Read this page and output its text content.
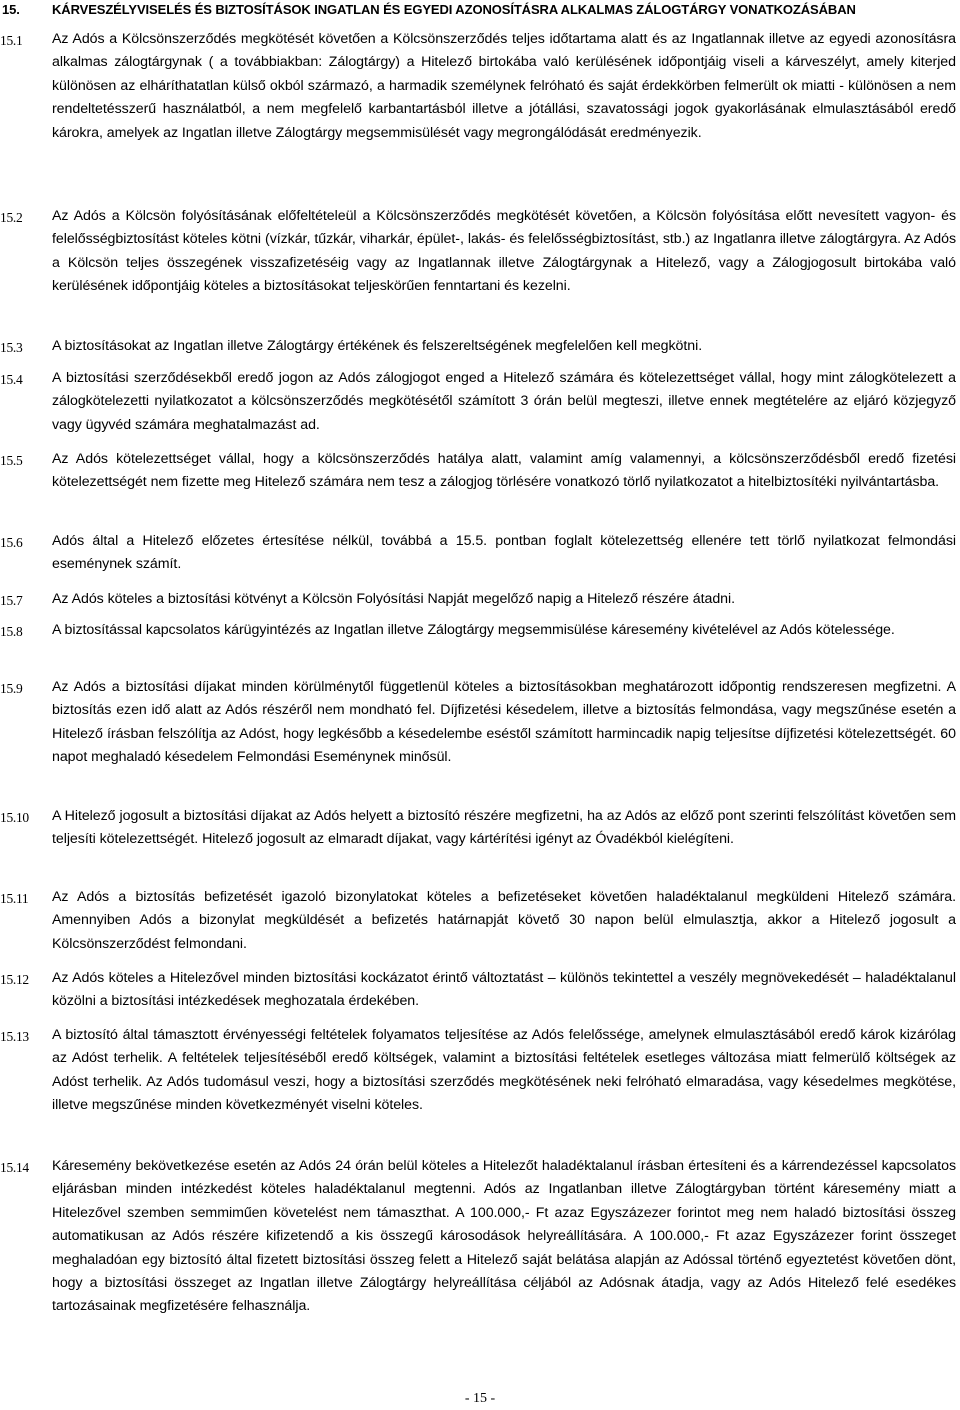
15. KÁRVESZÉLYVISELÉS ÉS BIZTOSÍTÁSOK INGATLAN ÉS EGYEDI AZONOSÍTÁSRA ALKALMAS ZÁLOGTÁRGY VONATKOZÁSÁBAN
15.1 Az Adós a Kölcsönszerződés megkötését követően a Kölcsönszerződés teljes időtartama alatt és az Ingatlannak illetve az egyedi azonosításra alkalmas zálogtárgynak ( a továbbiakban: Zálogtárgy) a Hitelező birtokába való kerülésének időpontjáig viseli a kárveszélyt, amely kiterjed különösen az elháríthatatlan külső okból származó, a harmadik személynek felróható és saját érdekkörben felmerült ok miatti - különösen a nem rendeltetésszerű használatból, a nem megfelelő karbantartásból illetve a jótállási, szavatossági jogok gyakorlásának elmulasztásából eredő károkra, amelyek az Ingatlan illetve Zálogtárgy megsemmisülését vagy megrongálódását eredményezik.
15.2 Az Adós a Kölcsön folyósításának előfeltételeül a Kölcsönszerződés megkötését követően, a Kölcsön folyósítása előtt nevesített vagyon- és felelősségbiztosítást köteles kötni (vízkár, tűzkár, viharkár, épület-, lakás- és felelősségbiztosítást, stb.) az Ingatlanra illetve zálogtárgyra. Az Adós a Kölcsön teljes összegének visszafizetéséig vagy az Ingatlannak illetve Zálogtárgynak a Hitelező, vagy a Zálogjogosult birtokába való kerülésének időpontjáig köteles a biztosításokat teljeskörűen fenntartani és kezelni.
15.3 A biztosításokat az Ingatlan illetve Zálogtárgy értékének és felszereltségének megfelelően kell megkötni.
15.4 A biztosítási szerződésekből eredő jogon az Adós zálogjogot enged a Hitelező számára és kötelezettséget vállal, hogy mint zálogkötelezett a zálogkötelezetti nyilatkozatot a kölcsönszerződés megkötésétől számított 3 órán belül megteszi, illetve ennek megtételére az eljáró közjegyző vagy ügyvéd számára meghatalmazást ad.
15.5 Az Adós kötelezettséget vállal, hogy a kölcsönszerződés hatálya alatt, valamint amíg valamennyi, a kölcsönszerződésből eredő fizetési kötelezettségét nem fizette meg Hitelező számára nem tesz a zálogjog törlésére vonatkozó törlő nyilatkozatot a hitelbiztosítéki nyilvántartásba.
15.6 Adós által a Hitelező előzetes értesítése nélkül, továbbá a 15.5. pontban foglalt kötelezettség ellenére tett törlő nyilatkozat felmondási eseménynek számít.
15.7 Az Adós köteles a biztosítási kötvényt a Kölcsön Folyósítási Napját megelőző napig a Hitelező részére átadni.
15.8 A biztosítással kapcsolatos kárügyintézés az Ingatlan illetve Zálogtárgy megsemmisülése káresemény kivételével az Adós kötelessége.
15.9 Az Adós a biztosítási díjakat minden körülménytől függetlenül köteles a biztosításokban meghatározott időpontig rendszeresen megfizetni. A biztosítás ezen idő alatt az Adós részéről nem mondható fel. Díjfizetési késedelem, illetve a biztosítás felmondása, vagy megszűnése esetén a Hitelező írásban felszólítja az Adóst, hogy legkésőbb a késedelembe eséstől számított harmincadik napig teljesítse díjfizetési kötelezettségét. 60 napot meghaladó késedelem Felmondási Eseménynek minősül.
15.10 A Hitelező jogosult a biztosítási díjakat az Adós helyett a biztosító részére megfizetni, ha az Adós az előző pont szerinti felszólítást követően sem teljesíti kötelezettségét. Hitelező jogosult az elmaradt díjakat, vagy kártérítési igényt az Óvadékból kielégíteni.
15.11 Az Adós a biztosítás befizetését igazoló bizonylatokat köteles a befizetéseket követően haladéktalanul megküldeni Hitelező számára. Amennyiben Adós a bizonylat megküldését a befizetés határnapját követő 30 napon belül elmulasztja, akkor a Hitelező jogosult a Kölcsönszerződést felmondani.
15.12 Az Adós köteles a Hitelezővel minden biztosítási kockázatot érintő változtatást – különös tekintettel a veszély megnövekedését – haladéktalanul közölni a biztosítási intézkedések meghozatala érdekében.
15.13 A biztosító által támasztott érvényességi feltételek folyamatos teljesítése az Adós felelőssége, amelynek elmulasztásából eredő károk kizárólag az Adóst terhelik. A feltételek teljesítéséből eredő költségek, valamint a biztosítási feltételek esetleges változása miatt felmerülő költségek az Adóst terhelik. Az Adós tudomásul veszi, hogy a biztosítási szerződés megkötésének neki felróható elmaradása, vagy késedelmes megkötése, illetve megszűnése minden következményét viselni köteles.
15.14 Káresemény bekövetkezése esetén az Adós 24 órán belül köteles a Hitelezőt haladéktalanul írásban értesíteni és a kárrendezéssel kapcsolatos eljárásban minden intézkedést köteles haladéktalanul megtenni. Adós az Ingatlanban illetve Zálogtárgyban történt káresemény miatt a Hitelezővel szemben semmiműen követelést nem támaszthat. A 100.000,- Ft azaz Egyszázezer forintot meg nem haladó biztosítási összeg automatikusan az Adós részére kifizetendő a kis összegű károsodások helyreállítására. A 100.000,- Ft azaz Egyszázezer forint összeget meghaladóan egy biztosító által fizetett biztosítási összeg felett a Hitelező saját belátása alapján az Adóssal történő egyeztetést követően dönt, hogy a biztosítási összeget az Ingatlan illetve Zálogtárgy helyreállítása céljából az Adósnak átadja, vagy az Adós Hitelező felé esedékes tartozásainak megfizetésére felhasználja.
- 15 -
